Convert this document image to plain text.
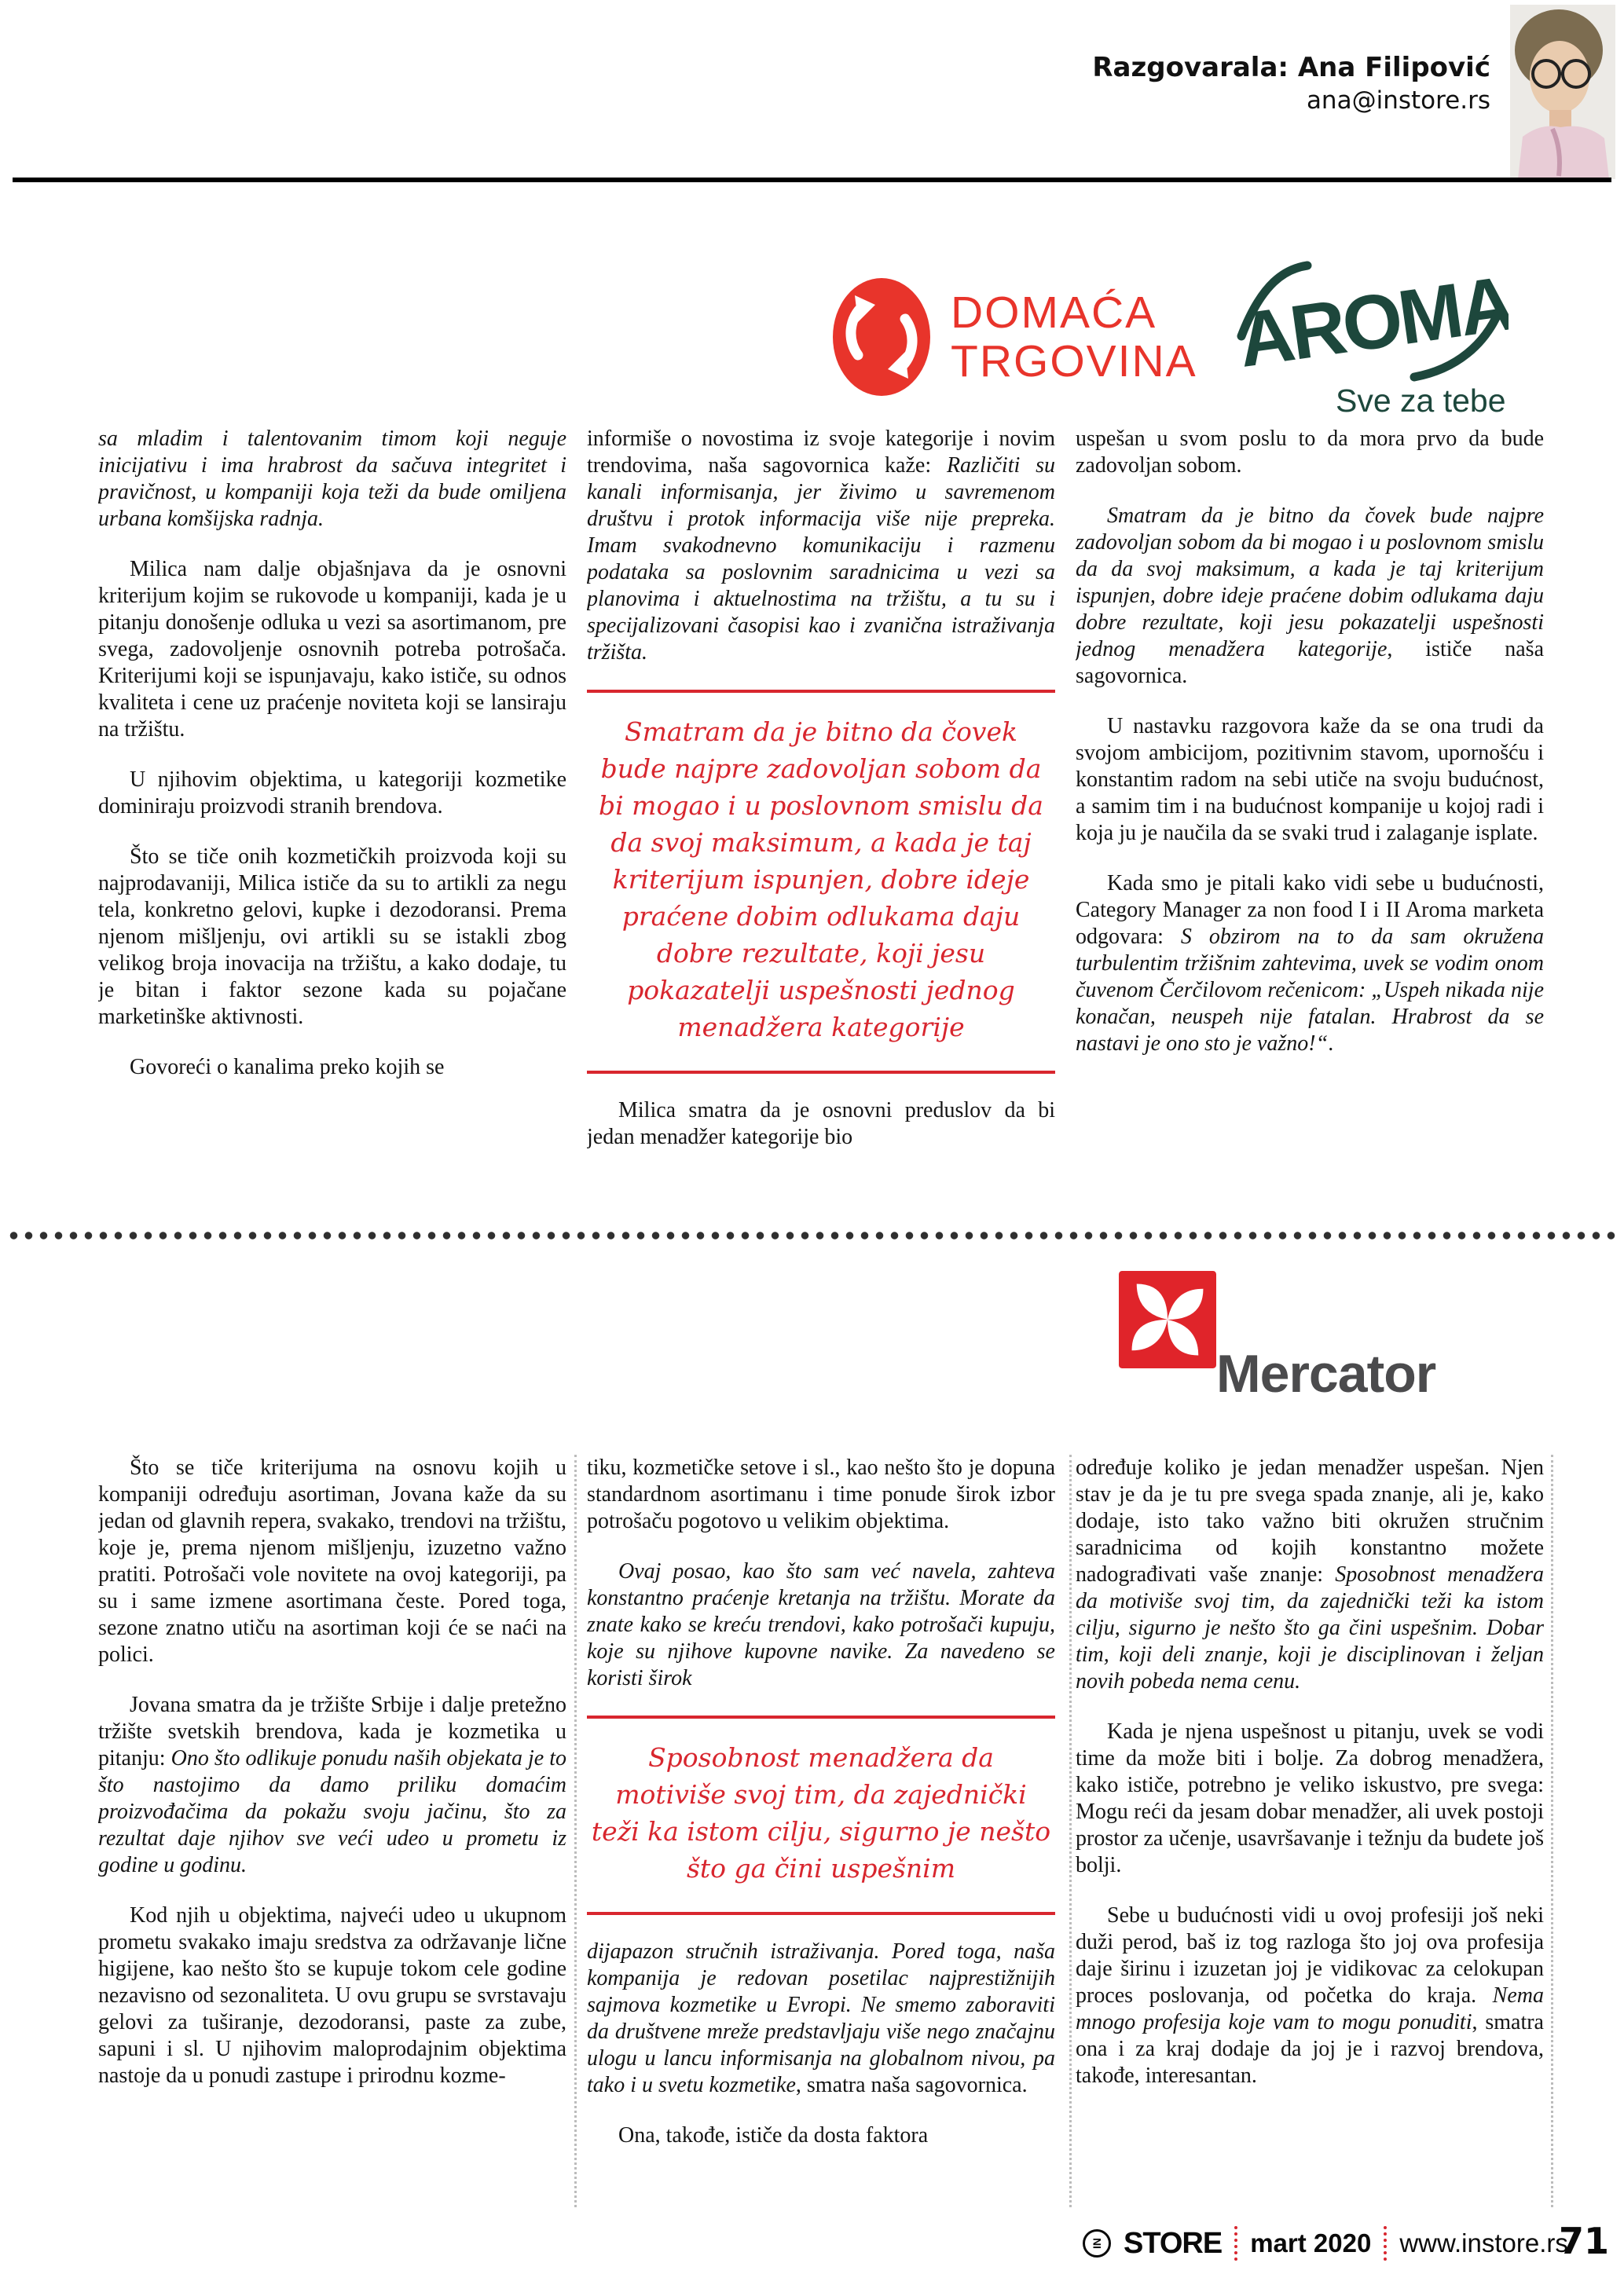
Razgovarala: Ana Filipović
ana@instore.rs
DOMAĆA
TRGOVINA AROMA
Sve za tebe

sa mladim i talentovanim timom koji neguje inicijativu i ima hrabrost da sačuva integritet i pravičnost, u kompaniji koja teži da bude omiljena urbana komšijska radnja.

Milica nam dalje objašnjava da je osnovni kriterijum kojim se rukovode u kompaniji, kada je u pitanju donošenje odluka u vezi sa asortimanom, pre svega, zadovoljenje osnovnih potreba potrošača. Kriterijumi koji se ispunjavaju, kako ističe, su odnos kvaliteta i cene uz praćenje noviteta koji se lansiraju na tržištu.

U njihovim objektima, u kategoriji kozmetike dominiraju proizvodi stranih brendova.

Što se tiče onih kozmetičkih proizvoda koji su najprodavaniji, Milica ističe da su to artikli za negu tela, konkretno gelovi, kupke i dezodoransi. Prema njenom mišljenju, ovi artikli su se istakli zbog velikog broja inovacija na tržištu, a kako dodaje, tu je bitan i faktor sezone kada su pojačane marketinške aktivnosti.

Govoreći o kanalima preko kojih se

informiše o novostima iz svoje kategorije i novim trendovima, naša sagovornica kaže: Različiti su kanali informisanja, jer živimo u savremenom društvu i protok informacija više nije prepreka. Imam svakodnevno komunikaciju i razmenu podataka sa poslovnim saradnicima u vezi sa planovima i aktuelnostima na tržištu, a tu su i specijalizovani časopisi kao i zvanična istraživanja tržišta.

Smatram da je bitno da čovek bude najpre zadovoljan sobom da bi mogao i u poslovnom smislu da da svoj maksimum, a kada je taj kriterijum ispunjen, dobre ideje praćene dobim odlukama daju dobre rezultate, koji jesu pokazatelji uspešnosti jednog menadžera kategorije

Milica smatra da je osnovni preduslov da bi jedan menadžer kategorije bio

uspešan u svom poslu to da mora prvo da bude zadovoljan sobom.

Smatram da je bitno da čovek bude najpre zadovoljan sobom da bi mogao i u poslovnom smislu da da svoj maksimum, a kada je taj kriterijum ispunjen, dobre ideje praćene dobim odlukama daju dobre rezultate, koji jesu pokazatelji uspešnosti jednog menadžera kategorije, ističe naša sagovornica.

U nastavku razgovora kaže da se ona trudi da svojom ambicijom, pozitivnim stavom, upornošću i konstantim radom na sebi utiče na svoju budućnost, a samim tim i na budućnost kompanije u kojoj radi i koja ju je naučila da se svaki trud i zalaganje isplate.

Kada smo je pitali kako vidi sebe u budućnosti, Category Manager za non food I i II Aroma marketa odgovara: S obzirom na to da sam okružena turbulentim tržišnim zahtevima, uvek se vodim onom čuvenom Čerčilovom rečenicom: „Uspeh nikada nije konačan, neuspeh nije fatalan. Hrabrost da se nastavi je ono sto je važno!“.

Mercator

Što se tiče kriterijuma na osnovu kojih u kompaniji određuju asortiman, Jovana kaže da su jedan od glavnih repera, svakako, trendovi na tržištu, koje je, prema njenom mišljenju, izuzetno važno pratiti. Potrošači vole novitete na ovoj kategoriji, pa su i same izmene asortimana česte. Pored toga, sezone znatno utiču na asortiman koji će se naći na polici.

Jovana smatra da je tržište Srbije i dalje pretežno tržište svetskih brendova, kada je kozmetika u pitanju: Ono što odlikuje ponudu naših objekata je to što nastojimo da damo priliku domaćim proizvođačima da pokažu svoju jačinu, što za rezultat daje njihov sve veći udeo u prometu iz godine u godinu.

Kod njih u objektima, najveći udeo u ukupnom prometu svakako imaju sredstva za održavanje lične higijene, kao nešto što se kupuje tokom cele godine nezavisno od sezonaliteta. U ovu grupu se svrstavaju gelovi za tuširanje, dezodoransi, paste za zube, sapuni i sl. U njihovim maloprodajnim objektima nastoje da u ponudi zastupe i prirodnu kozme-

tiku, kozmetičke setove i sl., kao nešto što je dopuna standardnom asortimanu i time ponude širok izbor potrošaču pogotovo u velikim objektima.

Ovaj posao, kao što sam već navela, zahteva konstantno praćenje kretanja na tržištu. Morate da znate kako se kreću trendovi, kako potrošači kupuju, koje su njihove kupovne navike. Za navedeno se koristi širok

Sposobnost menadžera da motiviše svoj tim, da zajednički teži ka istom cilju, sigurno je nešto što ga čini uspešnim

dijapazon stručnih istraživanja. Pored toga, naša kompanija je redovan posetilac najprestižnijih sajmova kozmetike u Evropi. Ne smemo zaboraviti da društvene mreže predstavljaju više nego značajnu ulogu u lancu informisanja na globalnom nivou, pa tako i u svetu kozmetike, smatra naša sagovornica.

Ona, takođe, ističe da dosta faktora

određuje koliko je jedan menadžer uspešan. Njen stav je da je tu pre svega spada znanje, ali je, kako dodaje, isto tako važno biti okružen stručnim saradnicima od kojih konstantno možete nadograđivati vaše znanje: Sposobnost menadžera da motiviše svoj tim, da zajednički teži ka istom cilju, sigurno je nešto što ga čini uspešnim. Dobar tim, koji deli znanje, koji je disciplinovan i željan novih pobeda nema cenu.

Kada je njena uspešnost u pitanju, uvek se vodi time da može biti i bolje. Za dobrog menadžera, kako ističe, potrebno je veliko iskustvo, pre svega: Mogu reći da jesam dobar menadžer, ali uvek postoji prostor za učenje, usavršavanje i težnju da budete još bolji.

Sebe u budućnosti vidi u ovoj profesiji još neki duži perod, baš iz tog razloga što joj ova profesija daje širinu i izuzetan joj je vidikovac za celokupan proces poslovanja, od početka do kraja. Nema mnogo profesija koje vam to mogu ponuditi, smatra ona i za kraj dodaje da joj je i razvoj brendova, takođe, interesantan.

IN STORE mart 2020 www.instore.rs
71
